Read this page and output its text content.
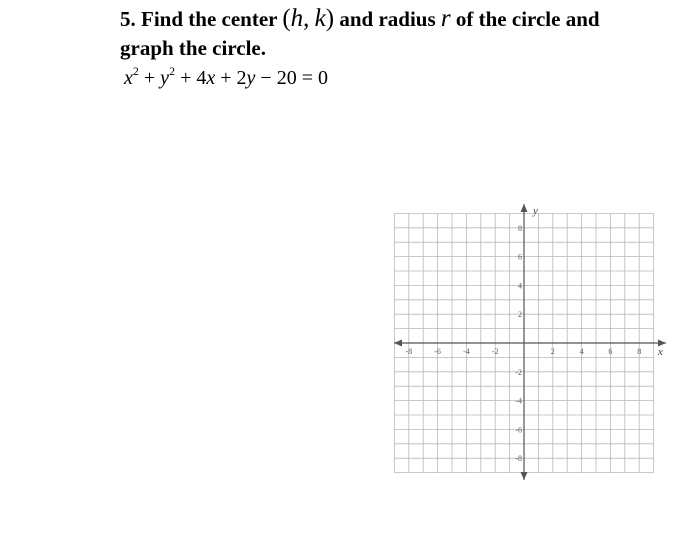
5. Find the center (h, k) and radius r of the circle and
graph the circle.
$x^2 + y^2 + 4x + 2y - 20 = 0$
-8	-6	-4	-2	2	4	6	8
8
6
4
2
-2
-4
-6
-8
x
y
